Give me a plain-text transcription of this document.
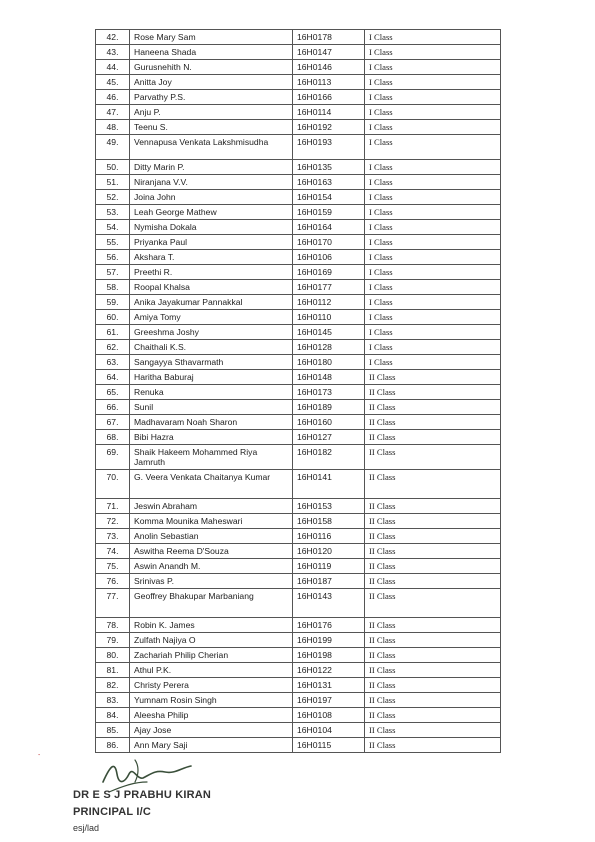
42.	Rose Mary Sam	16H0178	I Class
43.	Haneena Shada	16H0147	I Class
44.	Gurusnehith N.	16H0146	I Class
45.	Anitta Joy	16H0113	I Class
46.	Parvathy P.S.	16H0166	I Class
47.	Anju P.	16H0114	I Class
48.	Teenu S.	16H0192	I Class
49.	Vennapusa Venkata Lakshmisudha	16H0193	I Class
50.	Ditty Marin P.	16H0135	I Class
51.	Niranjana V.V.	16H0163	I Class
52.	Joina John	16H0154	I Class
53.	Leah George Mathew	16H0159	I Class
54.	Nymisha Dokala	16H0164	I Class
55.	Priyanka Paul	16H0170	I Class
56.	Akshara T.	16H0106	I Class
57.	Preethi R.	16H0169	I Class
58.	Roopal Khalsa	16H0177	I Class
59.	Anika Jayakumar Pannakkal	16H0112	I Class
60.	Amiya Tomy	16H0110	I Class
61.	Greeshma Joshy	16H0145	I Class
62.	Chaithali K.S.	16H0128	I Class
63.	Sangayya Sthavarmath	16H0180	I Class
64.	Haritha Baburaj	16H0148	II Class
65.	Renuka	16H0173	II Class
66.	Sunil	16H0189	II Class
67.	Madhavaram Noah Sharon	16H0160	II Class
68.	Bibi Hazra	16H0127	II Class
69.	Shaik Hakeem Mohammed Riya Jamruth	16H0182	II Class
70.	G. Veera Venkata Chaitanya Kumar	16H0141	II Class
71.	Jeswin Abraham	16H0153	II Class
72.	Komma Mounika Maheswari	16H0158	II Class
73.	Anolin Sebastian	16H0116	II Class
74.	Aswitha Reema D'Souza	16H0120	II Class
75.	Aswin Anandh M.	16H0119	II Class
76.	Srinivas P.	16H0187	II Class
77.	Geoffrey Bhakupar Marbaniang	16H0143	II Class
78.	Robin K. James	16H0176	II Class
79.	Zulfath Najiya O	16H0199	II Class
80.	Zachariah Philip Cherian	16H0198	II Class
81.	Athul P.K.	16H0122	II Class
82.	Christy Perera	16H0131	II Class
83.	Yumnam Rosin Singh	16H0197	II Class
84.	Aleesha Philip	16H0108	II Class
85.	Ajay Jose	16H0104	II Class
86.	Ann Mary Saji	16H0115	II Class
⸳
DR E S J PRABHU KIRAN
PRINCIPAL I/C
esj/lad
